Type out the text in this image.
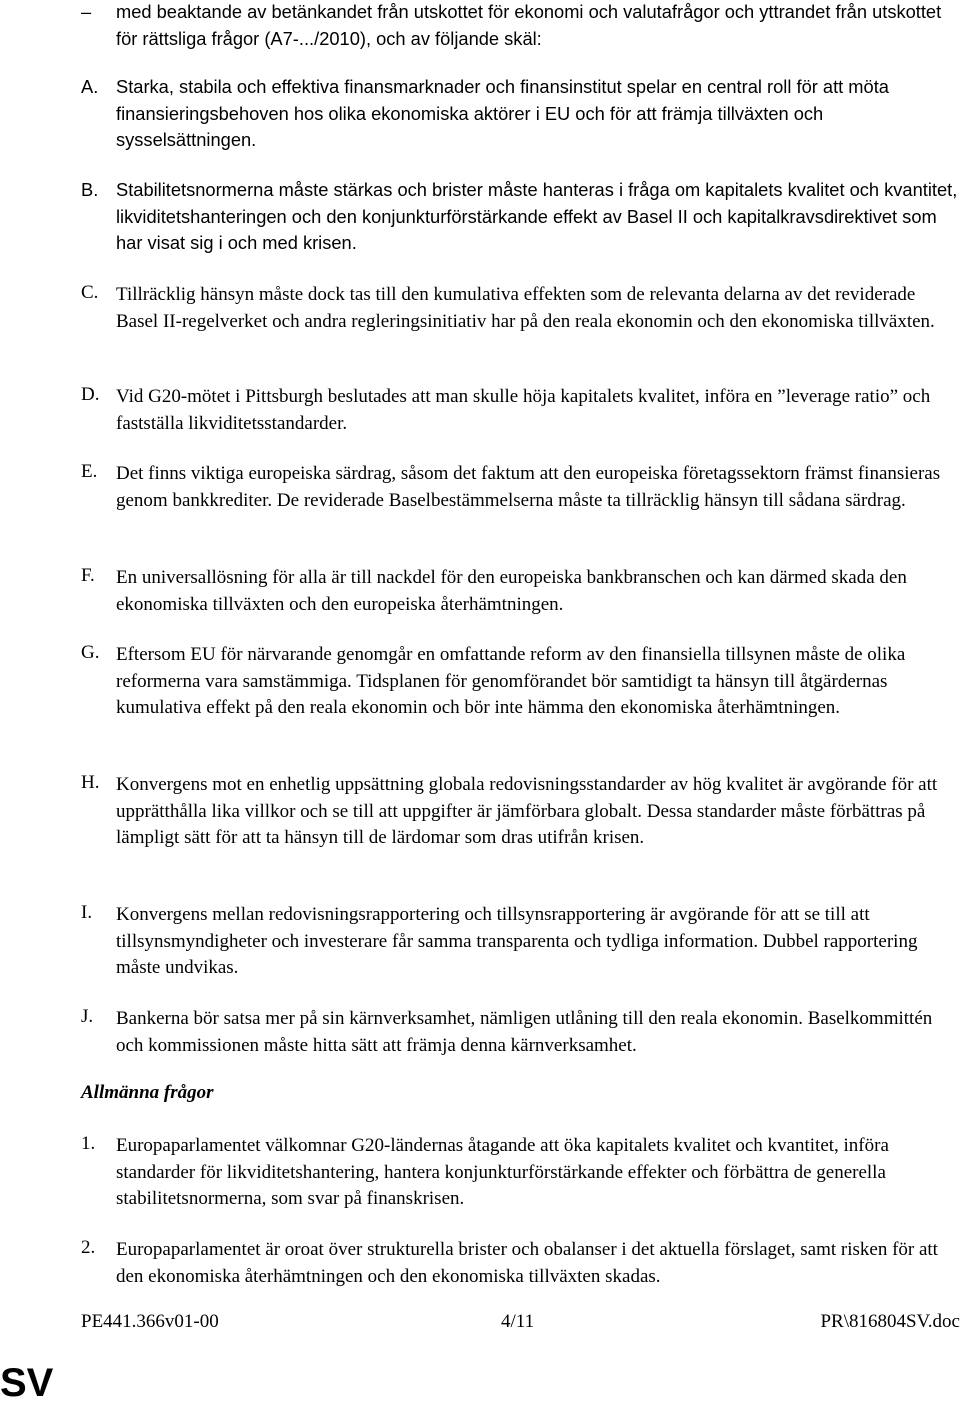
– med beaktande av betänkandet från utskottet för ekonomi och valutafrågor och yttrandet från utskottet för rättsliga frågor (A7-.../2010), och av följande skäl:
A. Starka, stabila och effektiva finansmarknader och finansinstitut spelar en central roll för att möta finansieringsbehoven hos olika ekonomiska aktörer i EU och för att främja tillväxten och sysselsättningen.
B. Stabilitetsnormerna måste stärkas och brister måste hanteras i fråga om kapitalets kvalitet och kvantitet, likviditetshanteringen och den konjunkturförstärkande effekt av Basel II och kapitalkravsdirektivet som har visat sig i och med krisen.
C. Tillräcklig hänsyn måste dock tas till den kumulativa effekten som de relevanta delarna av det reviderade Basel II-regelverket och andra regleringsinitiativ har på den reala ekonomin och den ekonomiska tillväxten.
D. Vid G20-mötet i Pittsburgh beslutades att man skulle höja kapitalets kvalitet, införa en ”leverage ratio” och fastställa likviditetsstandarder.
E. Det finns viktiga europeiska särdrag, såsom det faktum att den europeiska företagssektorn främst finansieras genom bankkrediter. De reviderade Baselbestämmelserna måste ta tillräcklig hänsyn till sådana särdrag.
F. En universallösning för alla är till nackdel för den europeiska bankbranschen och kan därmed skada den ekonomiska tillväxten och den europeiska återhämtningen.
G. Eftersom EU för närvarande genomgår en omfattande reform av den finansiella tillsynen måste de olika reformerna vara samstämmiga. Tidsplanen för genomförandet bör samtidigt ta hänsyn till åtgärdernas kumulativa effekt på den reala ekonomin och bör inte hämma den ekonomiska återhämtningen.
H. Konvergens mot en enhetlig uppsättning globala redovisningsstandarder av hög kvalitet är avgörande för att upprätthålla lika villkor och se till att uppgifter är jämförbara globalt. Dessa standarder måste förbättras på lämpligt sätt för att ta hänsyn till de lärdomar som dras utifrån krisen.
I. Konvergens mellan redovisningsrapportering och tillsynsrapportering är avgörande för att se till att tillsynsmyndigheter och investerare får samma transparenta och tydliga information. Dubbel rapportering måste undvikas.
J. Bankerna bör satsa mer på sin kärnverksamhet, nämligen utlåning till den reala ekonomin. Baselkommittén och kommissionen måste hitta sätt att främja denna kärnverksamhet.
Allmänna frågor
1. Europaparlamentet välkomnar G20-ländernas åtagande att öka kapitalets kvalitet och kvantitet, införa standarder för likviditetshantering, hantera konjunkturförstärkande effekter och förbättra de generella stabilitetsnormerna, som svar på finanskrisen.
2. Europaparlamentet är oroat över strukturella brister och obalanser i det aktuella förslaget, samt risken för att den ekonomiska återhämtningen och den ekonomiska tillväxten skadas.
PE441.366v01-00	4/11	PR\816804SV.doc
SV
